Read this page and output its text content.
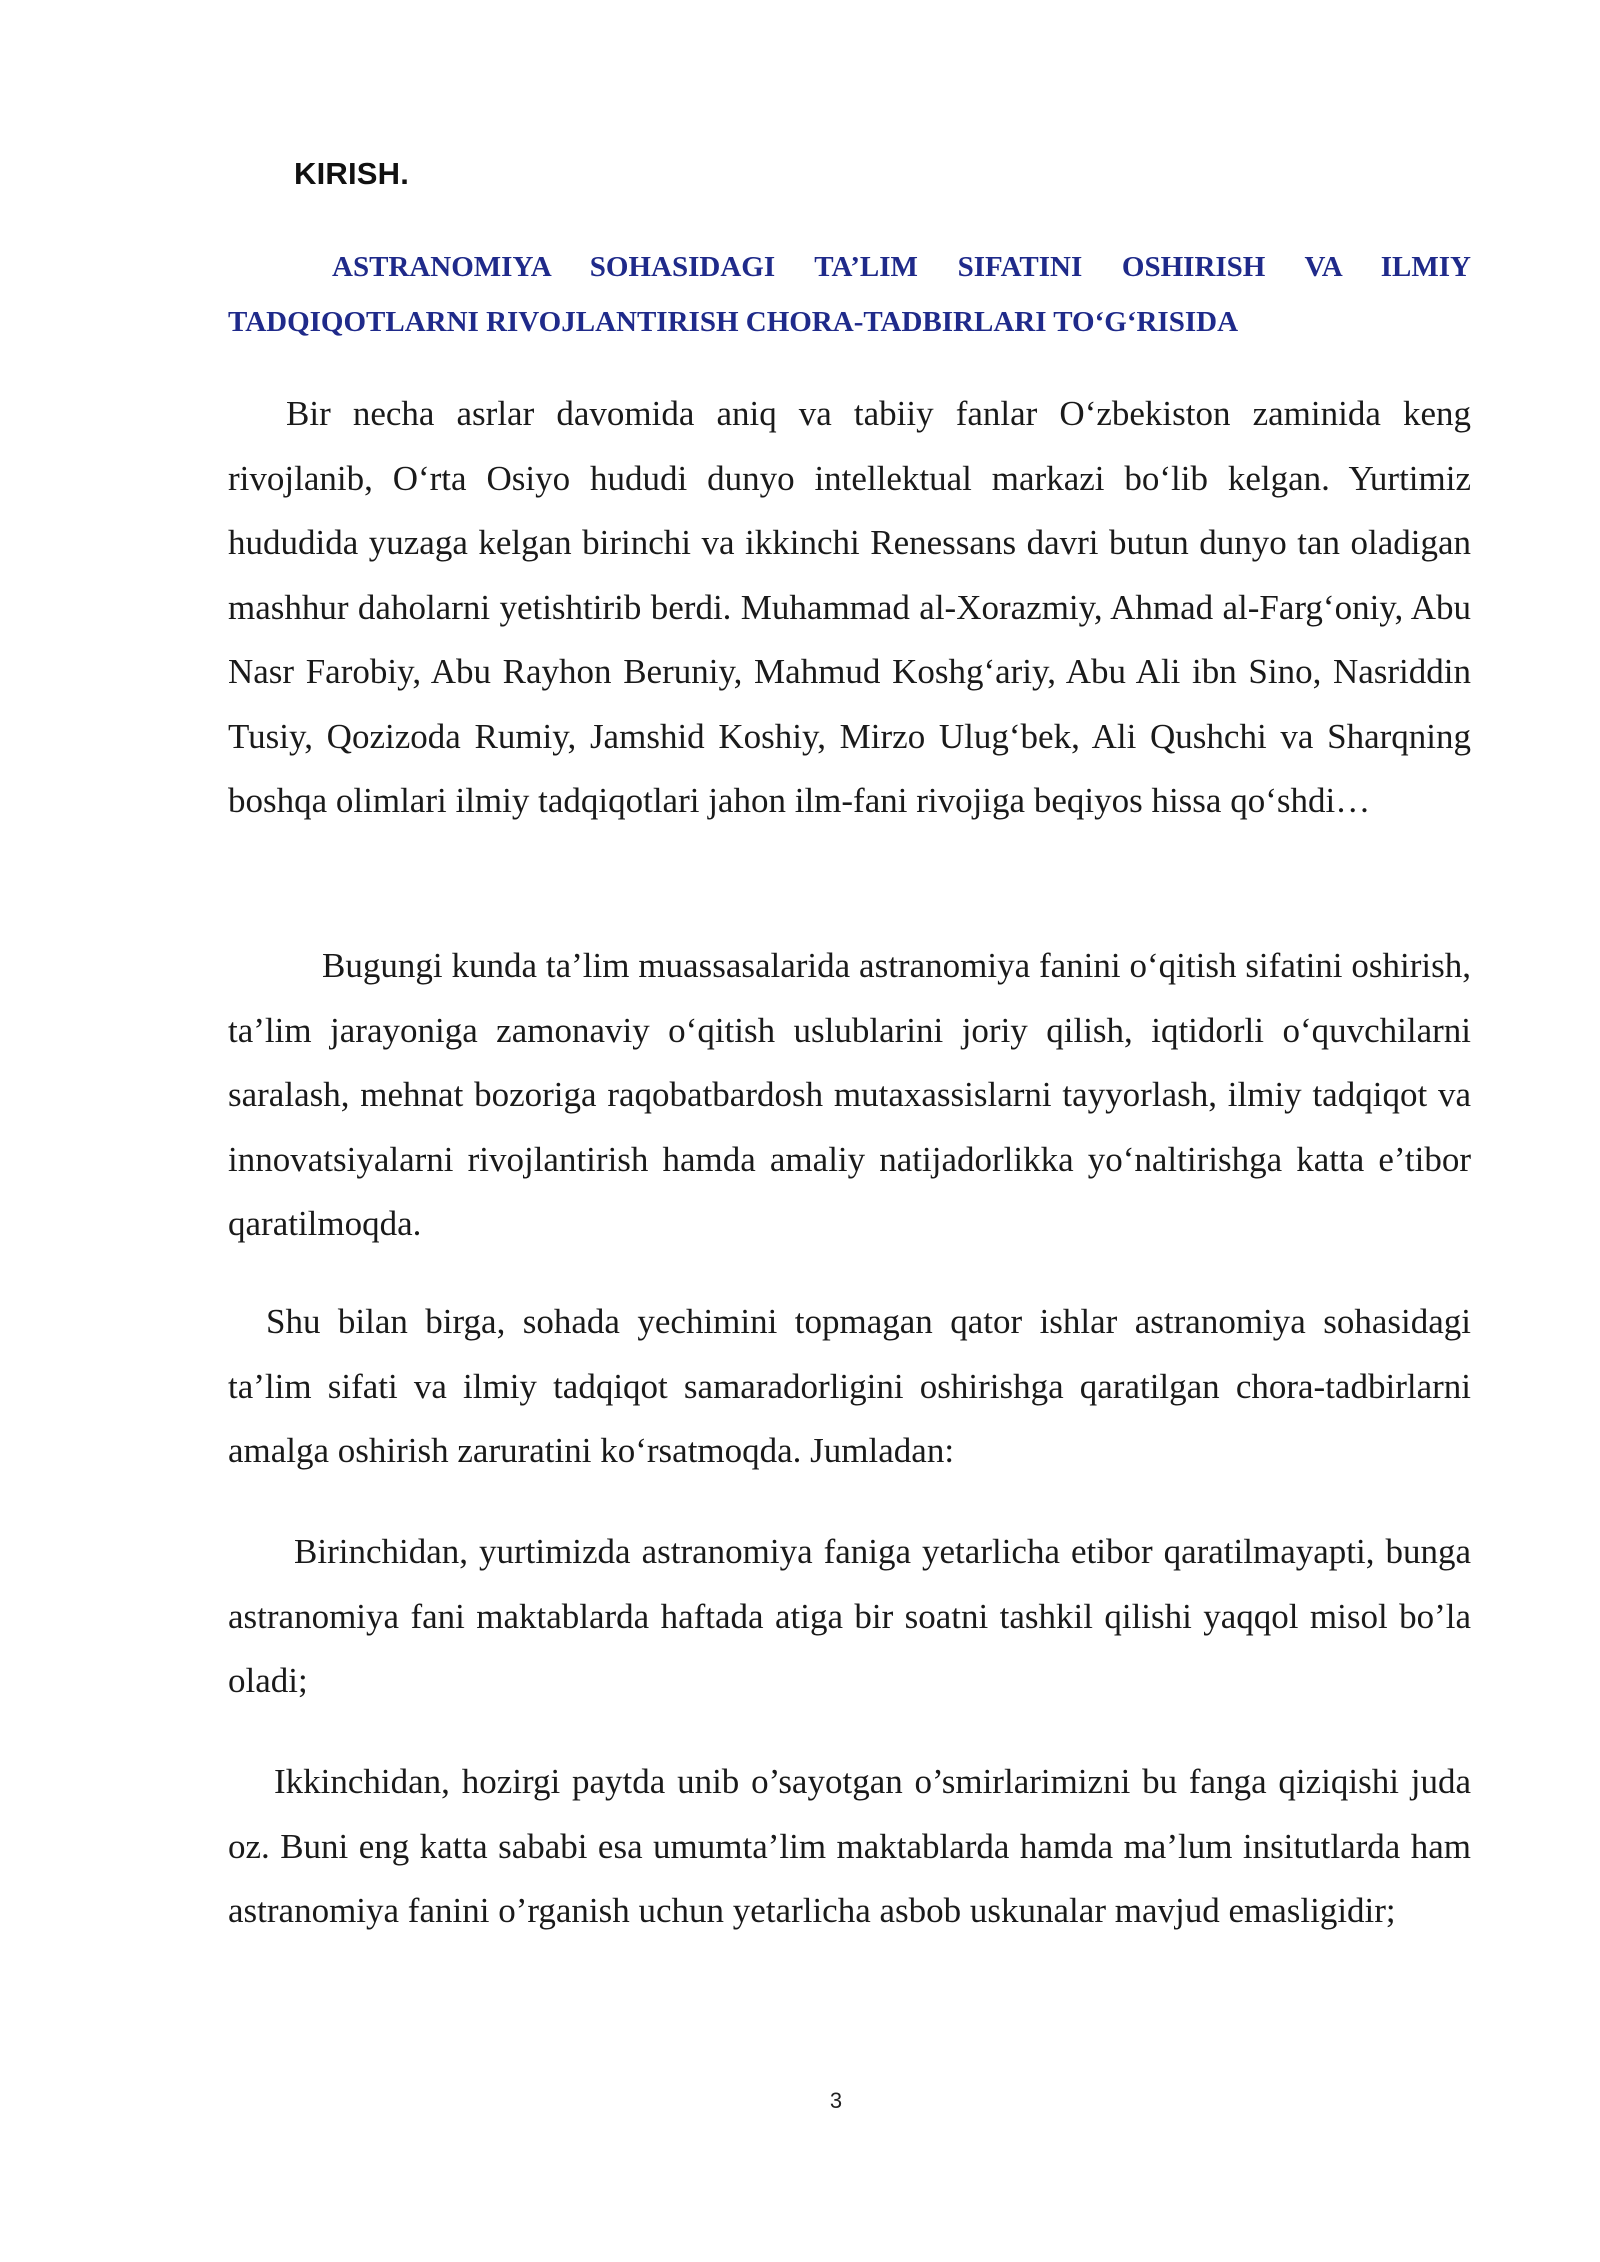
KIRISH.

ASTRANOMIYA SOHASIDAGI TA’LIM SIFATINI OSHIRISH VA ILMIY TADQIQOTLARNI RIVOJLANTIRISH CHORA-TADBIRLARI TO‘G‘RISIDA

Bir necha asrlar davomida aniq va tabiiy fanlar O‘zbekiston zaminida keng rivojlanib, O‘rta Osiyo hududi dunyo intellektual markazi bo‘lib kelgan. Yurtimiz hududida yuzaga kelgan birinchi va ikkinchi Renessans davri butun dunyo tan oladigan mashhur daholarni yetishtirib berdi. Muhammad al-Xorazmiy, Ahmad al-Farg‘oniy, Abu Nasr Farobiy, Abu Rayhon Beruniy, Mahmud Koshg‘ariy, Abu Ali ibn Sino, Nasriddin Tusiy, Qozizoda Rumiy, Jamshid Koshiy, Mirzo Ulug‘bek, Ali Qushchi va Sharqning boshqa olimlari ilmiy tadqiqotlari jahon ilm-fani rivojiga beqiyos hissa qo‘shdi…

Bugungi kunda ta’lim muassasalarida astranomiya fanini o‘qitish sifatini oshirish, ta’lim jarayoniga zamonaviy o‘qitish uslublarini joriy qilish, iqtidorli o‘quvchilarni saralash, mehnat bozoriga raqobatbardosh mutaxassislarni tayyorlash, ilmiy tadqiqot va innovatsiyalarni rivojlantirish hamda amaliy natijadorlikka yo‘naltirishga katta e’tibor qaratilmoqda.

Shu bilan birga, sohada yechimini topmagan qator ishlar astranomiya sohasidagi ta’lim sifati va ilmiy tadqiqot samaradorligini oshirishga qaratilgan chora-tadbirlarni amalga oshirish zaruratini ko‘rsatmoqda. Jumladan:

Birinchidan, yurtimizda astranomiya faniga yetarlicha etibor qaratilmayapti, bunga astranomiya fani maktablarda haftada atiga bir soatni tashkil qilishi yaqqol misol bo’la oladi;

Ikkinchidan, hozirgi paytda unib o’sayotgan o’smirlarimizni bu fanga qiziqishi juda oz. Buni eng katta sababi esa umumta’lim maktablarda hamda ma’lum insitutlarda ham astranomiya fanini o’rganish uchun yetarlicha asbob uskunalar mavjud emasligidir;

3
